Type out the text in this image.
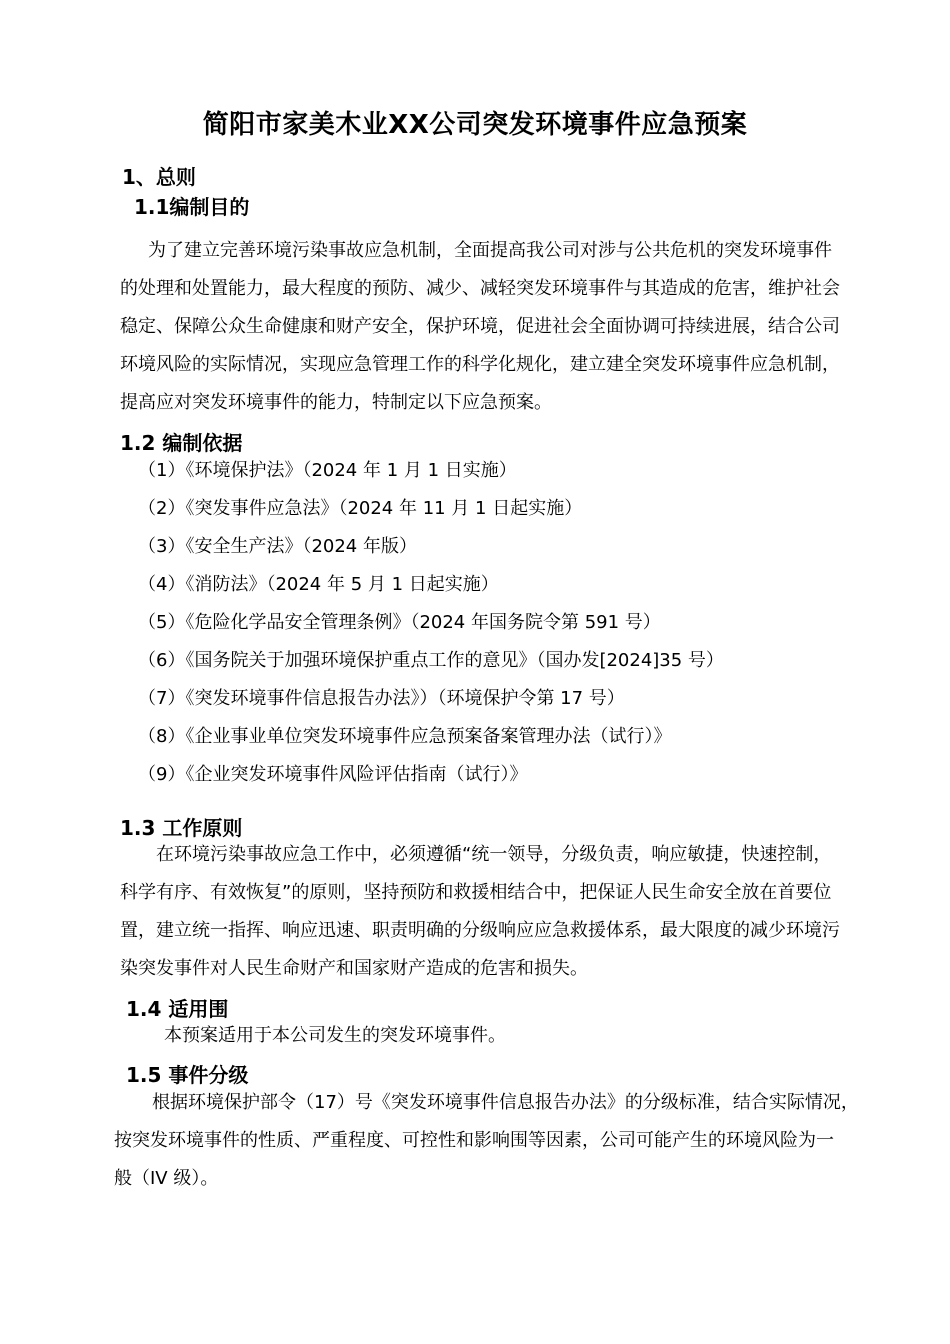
简阳市家美木业XX公司突发环境事件应急预案
1、总则
1.1编制目的
为了建立完善环境污染事故应急机制，全面提高我公司对涉与公共危机的突发环境事件
的处理和处置能力，最大程度的预防、减少、减轻突发环境事件与其造成的危害，维护社会
稳定、保障公众生命健康和财产安全，保护环境，促进社会全面协调可持续进展，结合公司
环境风险的实际情况，实现应急管理工作的科学化规化，建立建全突发环境事件应急机制，
提高应对突发环境事件的能力，特制定以下应急预案。
1.2 编制依据
（1）《环境保护法》（2024 年 1 月 1 日实施）
（2）《突发事件应急法》（2024 年 11 月 1 日起实施）
（3）《安全生产法》（2024 年版）
（4）《消防法》（2024 年 5 月 1 日起实施）
（5）《危险化学品安全管理条例》（2024 年国务院令第 591 号）
（6）《国务院关于加强环境保护重点工作的意见》（国办发[2024]35 号）
（7）《突发环境事件信息报告办法》）（环境保护令第 17 号）
（8）《企业事业单位突发环境事件应急预案备案管理办法（试行）》
（9）《企业突发环境事件风险评估指南（试行）》
1.3 工作原则
在环境污染事故应急工作中，必须遵循“统一领导，分级负责，响应敏捷，快速控制，
科学有序、有效恢复”的原则，坚持预防和救援相结合中，把保证人民生命安全放在首要位
置，建立统一指挥、响应迅速、职责明确的分级响应应急救援体系，最大限度的减少环境污
染突发事件对人民生命财产和国家财产造成的危害和损失。
1.4 适用围
本预案适用于本公司发生的突发环境事件。
1.5 事件分级
根据环境保护部令（17）号《突发环境事件信息报告办法》的分级标准，结合实际情况，
按突发环境事件的性质、严重程度、可控性和影响围等因素，公司可能产生的环境风险为一
般（IV 级）。
